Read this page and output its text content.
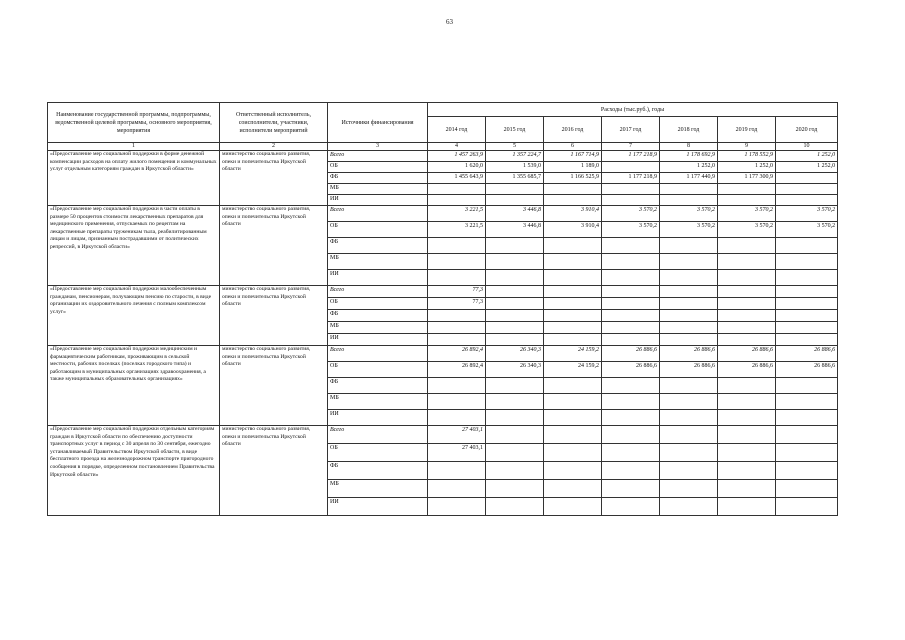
63
Наименование государственной программы, подпрограммы, ведомственной целевой программы, основного мероприятия, мероприятия	Ответственный исполнитель, соисполнители, участники, исполнители мероприятий	Источники финансирования	Расходы (тыс.руб.), годы						
			2014 год	2015 год	2016 год	2017 год	2018 год	2019 год	2020 год
1	2	3	4	5	6	7	8	9	10
«Предоставление мер социальной поддержки в форме денежной компенсации расходов на оплату жилого помещения и коммунальных услуг отдельным категориям граждан в Иркутской области»	министерство социального развития, опеки и попечительства Иркутской области	Всего	1 457 263,9	1 357 224,7	1 167 714,9	1 177 218,9	1 178 692,9	1 178 552,9	1 252,0
		ОБ	1 620,0	1 539,0	1 189,0		1 252,0	1 252,0	1 252,0
		ФБ	1 455 643,9	1 355 685,7	1 166 525,9	1 177 218,9	1 177 440,9	1 177 300,9	
		МБ							
		ИИ							
«Предоставление мер социальной поддержки в части оплаты в размере 50 процентов стоимости лекарственных препаратов для медицинского применения, отпускаемых по рецептам на лекарственные препараты труженикам тыла, реабилитированным лицам и лицам, признанным пострадавшими от политических репрессий, в Иркутской области»	министерство социального развития, опеки и попечительства Иркутской области	Всего	3 221,5	3 446,8	3 910,4	3 570,2	3 570,2	3 570,2	3 570,2
		ОБ	3 221,5	3 446,8	3 910,4	3 570,2	3 570,2	3 570,2	3 570,2
		ФБ							
		МБ							
		ИИ							
«Предоставление мер социальной поддержки малообеспеченным гражданам, пенсионерам, получающим пенсию по старости, в виде организации их оздоровительного лечения с полным комплексом услуг»	министерство социального развития, опеки и попечительства Иркутской области	Всего	77,3						
		ОБ	77,3						
		ФБ							
		МБ							
		ИИ							
«Предоставление мер социальной поддержки медицинским и фармацевтическим работникам, проживающим в сельской местности, рабочих поселках (поселках городского типа) и работающим в муниципальных организациях здравоохранения, а также муниципальных образовательных организациях»	министерство социального развития, опеки и попечительства Иркутской области	Всего	26 892,4	26 340,3	24 159,2	26 886,6	26 886,6	26 886,6	26 886,6
		ОБ	26 892,4	26 340,3	24 159,2	26 886,6	26 886,6	26 886,6	26 886,6
		ФБ							
		МБ							
		ИИ							
«Предоставление мер социальной поддержки отдельным категориям граждан в Иркутской области по обеспечению доступности транспортных услуг в период с 30 апреля по 30 сентября, ежегодно устанавливаемый Правительством Иркутской области, в виде бесплатного проезда на железнодорожном транспорте пригородного сообщения в порядке, определенном постановлением Правительства Иркутской области»	министерство социального развития, опеки и попечительства Иркутской области	Всего	27 403,1						
		ОБ	27 403,1						
		ФБ							
		МБ							
		ИИ							
